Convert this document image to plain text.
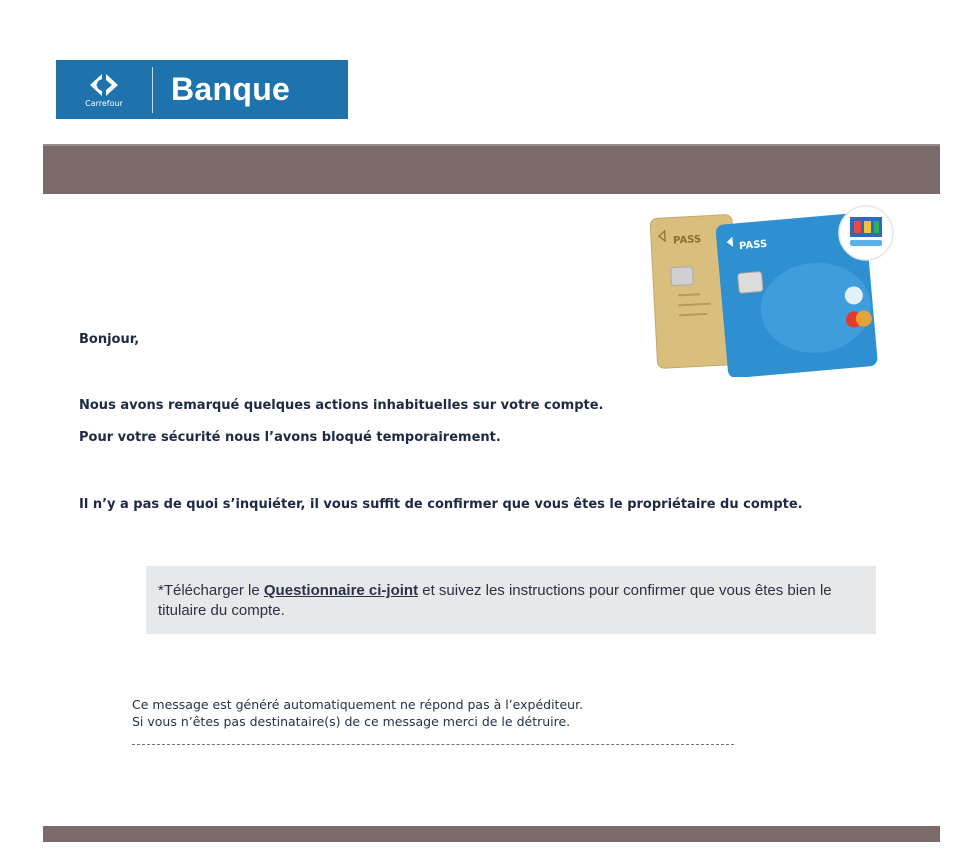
Carrefour Banque
PASS	PASS
Bonjour,
Nous avons remarqué quelques actions inhabituelles sur votre compte.
Pour votre sécurité nous l’avons bloqué temporairement.
Il n’y a pas de quoi s’inquiéter, il vous suffit de confirmer que vous êtes le propriétaire du compte.
*Télécharger le Questionnaire ci-joint et suivez les instructions pour confirmer que vous êtes bien le titulaire du compte.
Ce message est généré automatiquement ne répond pas à l’expéditeur.
Si vous n’êtes pas destinataire(s) de ce message merci de le détruire.
